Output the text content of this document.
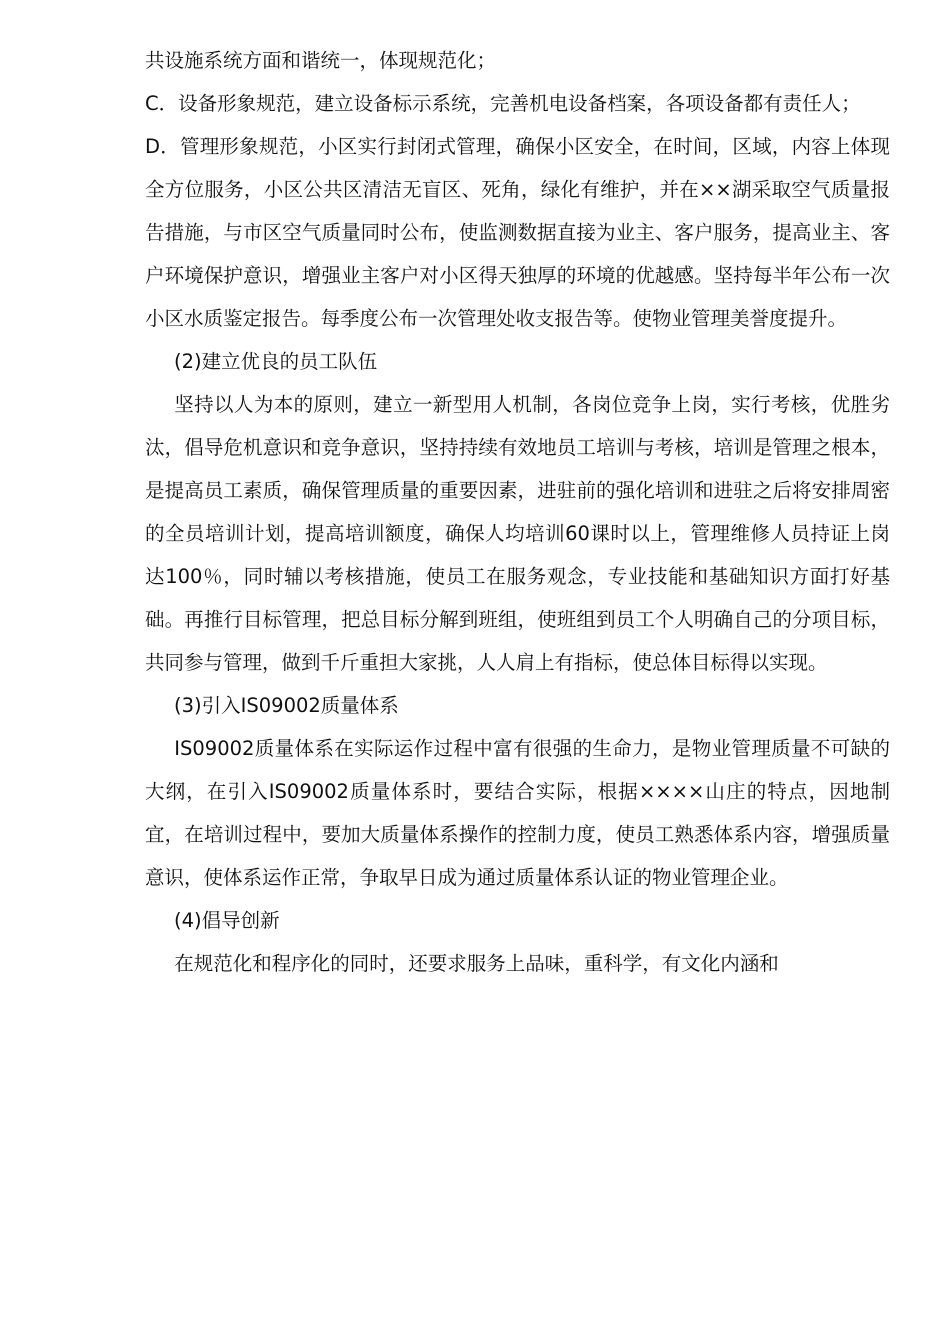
共设施系统方面和谐统一，体现规范化；

C．设备形象规范，建立设备标示系统，完善机电设备档案，各项设备都有责任人；

D．管理形象规范，小区实行封闭式管理，确保小区安全，在时间，区域，内容上体现全方位服务，小区公共区清洁无盲区、死角，绿化有维护，并在××湖采取空气质量报告措施，与市区空气质量同时公布，使监测数据直接为业主、客户服务，提高业主、客户环境保护意识，增强业主客户对小区得天独厚的环境的优越感。坚持每半年公布一次小区水质鉴定报告。每季度公布一次管理处收支报告等。使物业管理美誉度提升。

(2)建立优良的员工队伍

坚持以人为本的原则，建立一新型用人机制，各岗位竞争上岗，实行考核，优胜劣汰，倡导危机意识和竞争意识，坚持持续有效地员工培训与考核，培训是管理之根本，是提高员工素质，确保管理质量的重要因素，进驻前的强化培训和进驻之后将安排周密的全员培训计划，提高培训额度，确保人均培训60课时以上，管理维修人员持证上岗达100％，同时辅以考核措施，使员工在服务观念，专业技能和基础知识方面打好基础。再推行目标管理，把总目标分解到班组，使班组到员工个人明确自己的分项目标，共同参与管理，做到千斤重担大家挑，人人肩上有指标，使总体目标得以实现。

(3)引入IS09002质量体系

IS09002质量体系在实际运作过程中富有很强的生命力，是物业管理质量不可缺的大纲，在引入IS09002质量体系时，要结合实际，根据××××山庄的特点，因地制宜，在培训过程中，要加大质量体系操作的控制力度，使员工熟悉体系内容，增强质量意识，使体系运作正常，争取早日成为通过质量体系认证的物业管理企业。

(4)倡导创新

在规范化和程序化的同时，还要求服务上品味，重科学，有文化内涵和
